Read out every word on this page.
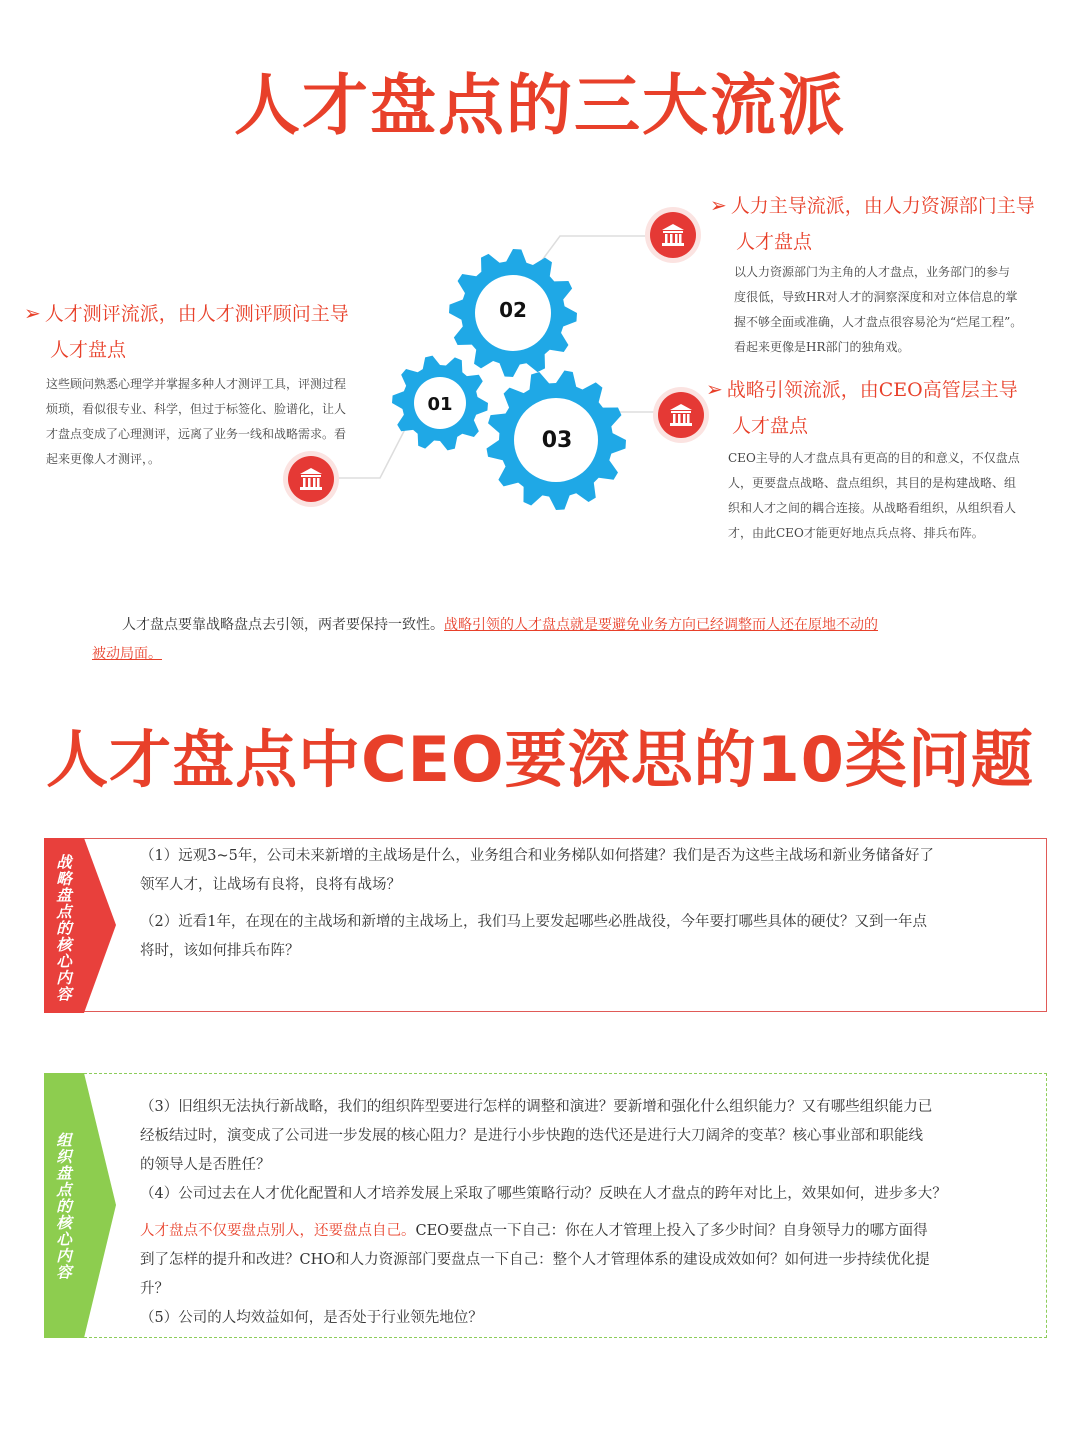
人才盘点的三大流派
02
01
03
➢ 人力主导流派，由人力资源部门主导
人才盘点
以人力资源部门为主角的人才盘点，业务部门的参与
度很低，导致HR对人才的洞察深度和对立体信息的掌
握不够全面或准确，人才盘点很容易沦为“烂尾工程”。
看起来更像是HR部门的独角戏。
➢ 人才测评流派，由人才测评顾问主导
人才盘点
这些顾问熟悉心理学并掌握多种人才测评工具，评测过程
烦琐，看似很专业、科学，但过于标签化、脸谱化，让人
才盘点变成了心理测评，远离了业务一线和战略需求。看
起来更像人才测评，。
➢ 战略引领流派，由CEO高管层主导
人才盘点
CEO主导的人才盘点具有更高的目的和意义，不仅盘点
人，更要盘点战略、盘点组织，其目的是构建战略、组
织和人才之间的耦合连接。从战略看组织，从组织看人
才，由此CEO才能更好地点兵点将、排兵布阵。
人才盘点要靠战略盘点去引领，两者要保持一致性。战略引领的人才盘点就是要避免业务方向已经调整而人还在原地不动的
被动局面。
人才盘点中CEO要深思的10类问题
战略盘点的核心内容	（1）远观3~5年，公司未来新增的主战场是什么，业务组合和业务梯队如何搭建？我们是否为这些主战场和新业务储备好了
领军人才，让战场有良将，良将有战场？
（2）近看1年，在现在的主战场和新增的主战场上，我们马上要发起哪些必胜战役，今年要打哪些具体的硬仗？又到一年点
将时，该如何排兵布阵？
组织盘点的核心内容
（3）旧组织无法执行新战略，我们的组织阵型要进行怎样的调整和演进？要新增和强化什么组织能力？又有哪些组织能力已
经板结过时，演变成了公司进一步发展的核心阻力？是进行小步快跑的迭代还是进行大刀阔斧的变革？核心事业部和职能线
的领导人是否胜任？
（4）公司过去在人才优化配置和人才培养发展上采取了哪些策略行动？反映在人才盘点的跨年对比上，效果如何，进步多大？
人才盘点不仅要盘点别人，还要盘点自己。CEO要盘点一下自己：你在人才管理上投入了多少时间？自身领导力的哪方面得
到了怎样的提升和改进？CHO和人力资源部门要盘点一下自己：整个人才管理体系的建设成效如何？如何进一步持续优化提
升？
（5）公司的人均效益如何，是否处于行业领先地位？
